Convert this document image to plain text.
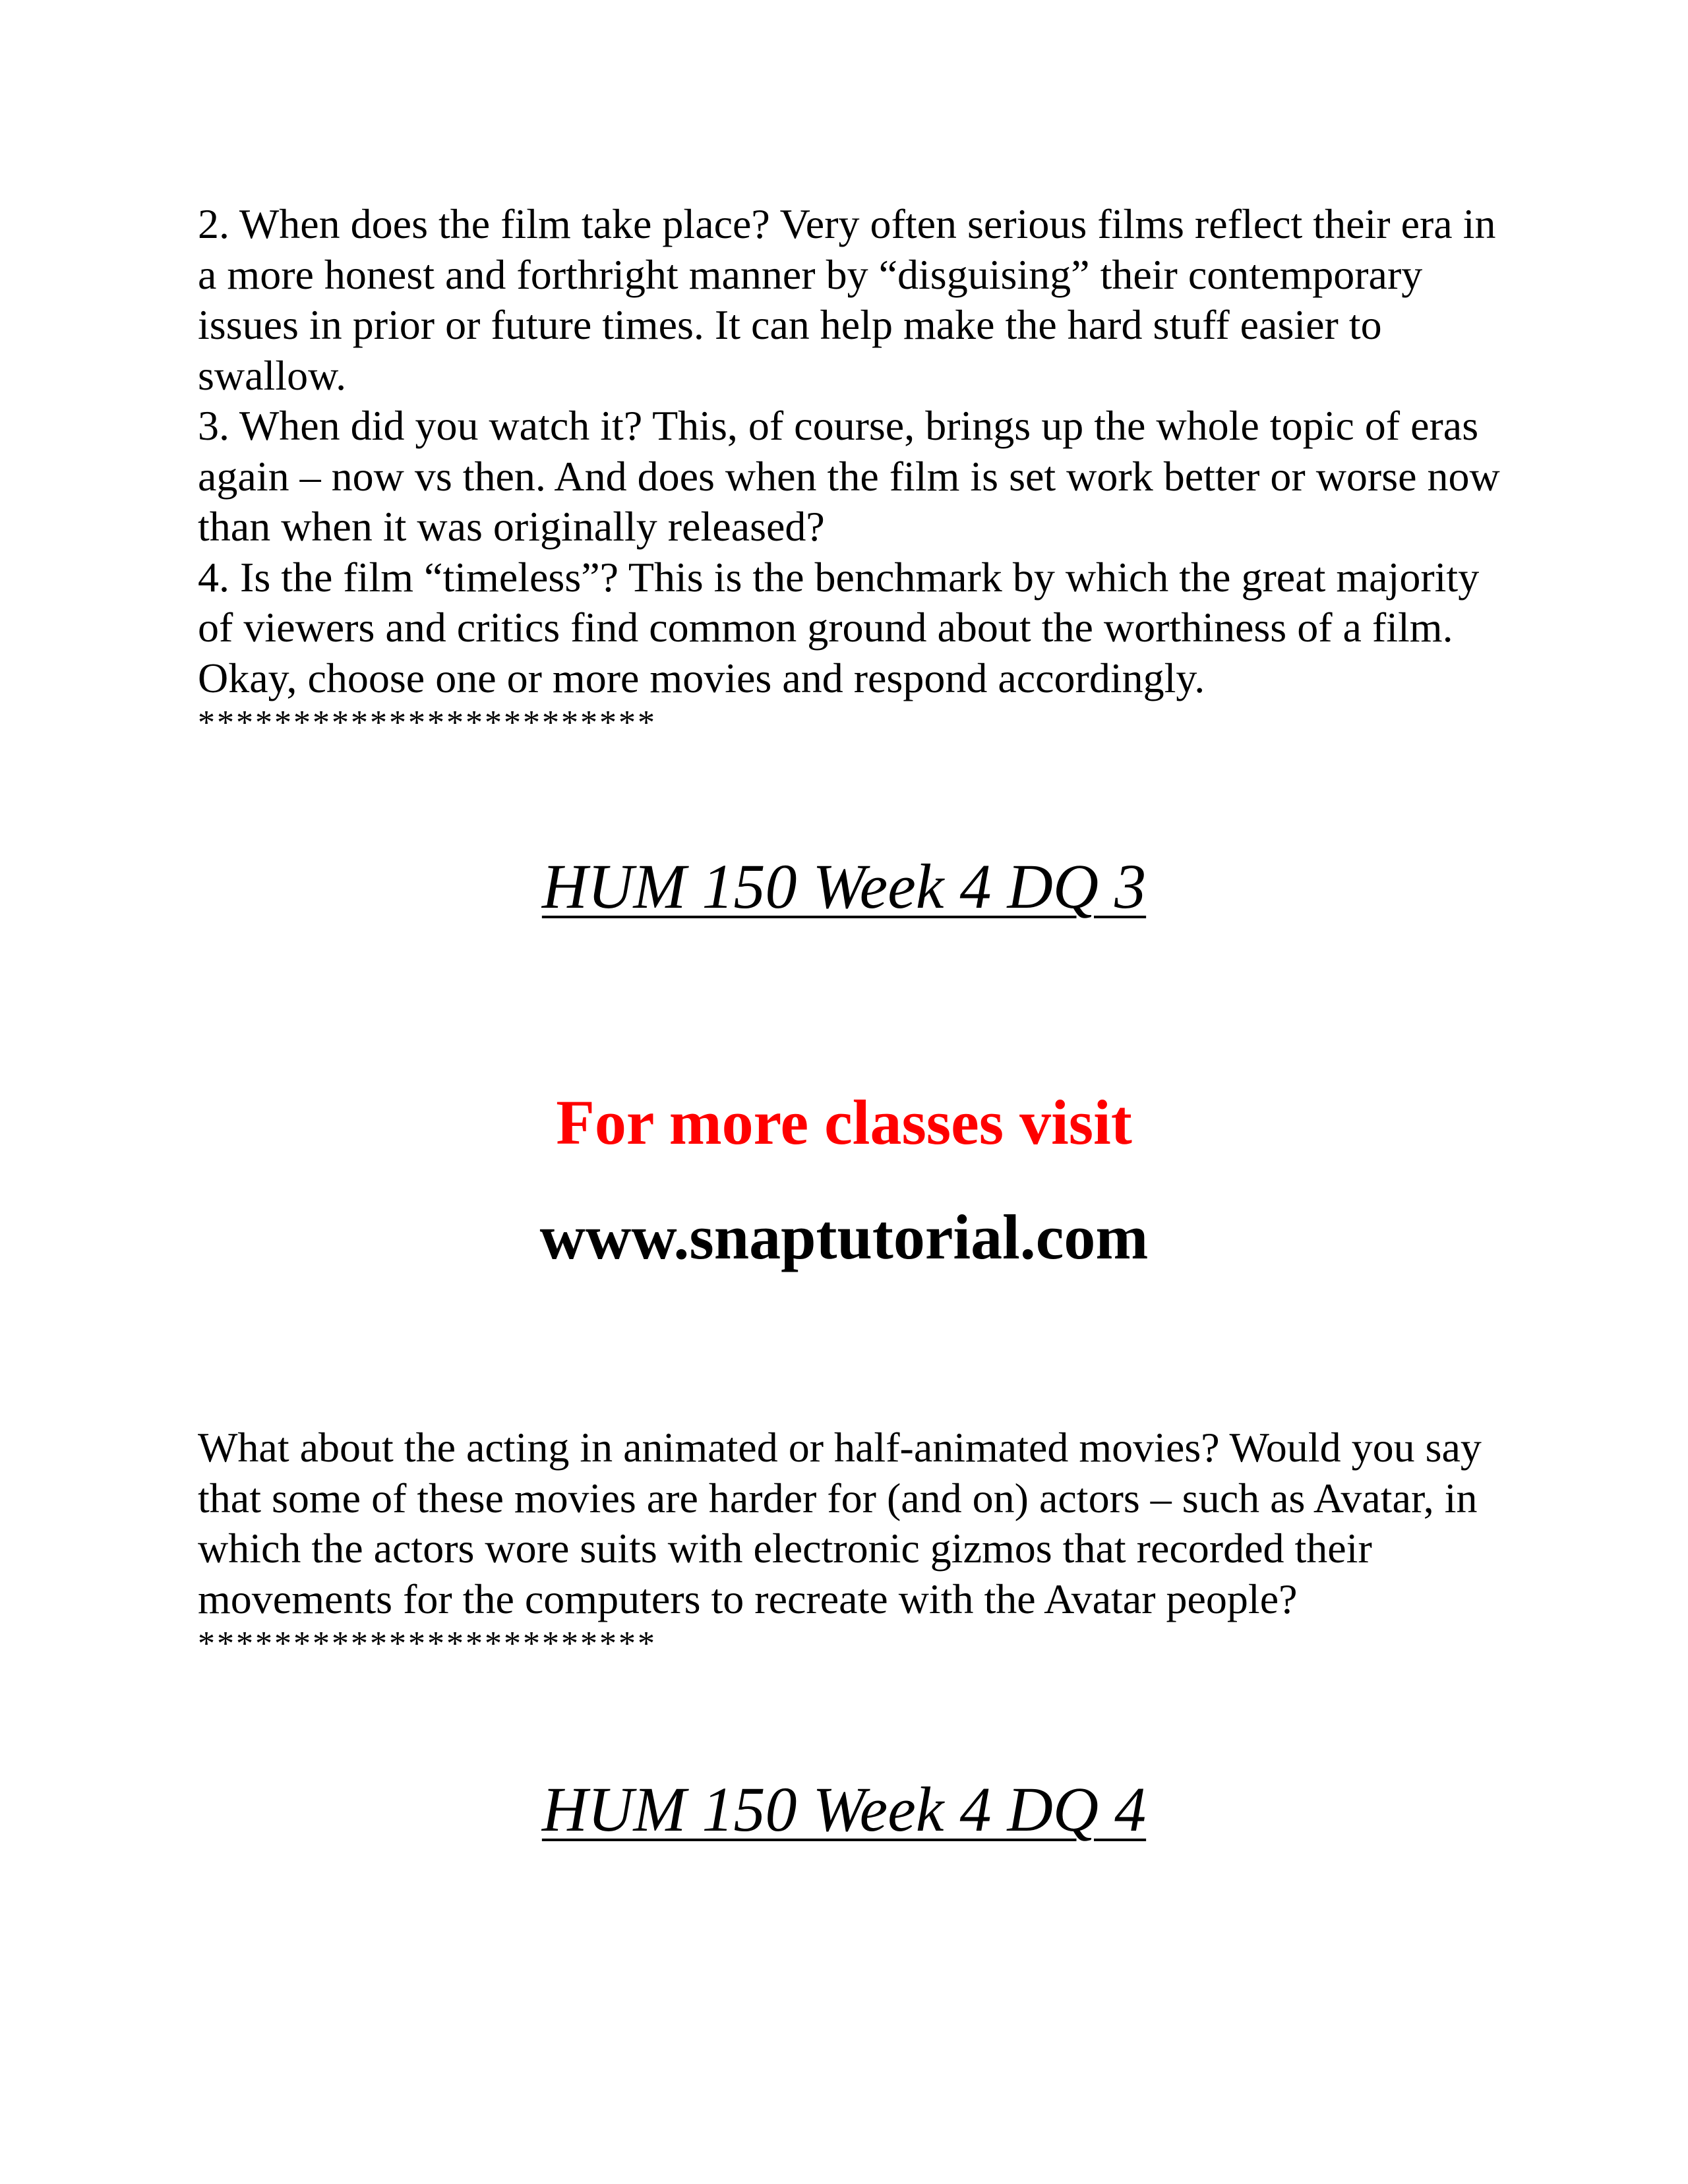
2. When does the film take place? Very often serious films reflect their era in a more honest and forthright manner by “disguising” their contemporary issues in prior or future times. It can help make the hard stuff easier to swallow.

3. When did you watch it? This, of course, brings up the whole topic of eras again – now vs then. And does when the film is set work better or worse now than when it was originally released?

4. Is the film “timeless”? This is the benchmark by which the great majority of viewers and critics find common ground about the worthiness of a film.

Okay, choose one or more movies and respond accordingly.

************************

HUM 150 Week 4 DQ 3

For more classes visit

www.snaptutorial.com

What about the acting in animated or half-animated movies? Would you say that some of these movies are harder for (and on) actors – such as Avatar, in which the actors wore suits with electronic gizmos that recorded their movements for the computers to recreate with the Avatar people?

************************

HUM 150 Week 4 DQ 4
